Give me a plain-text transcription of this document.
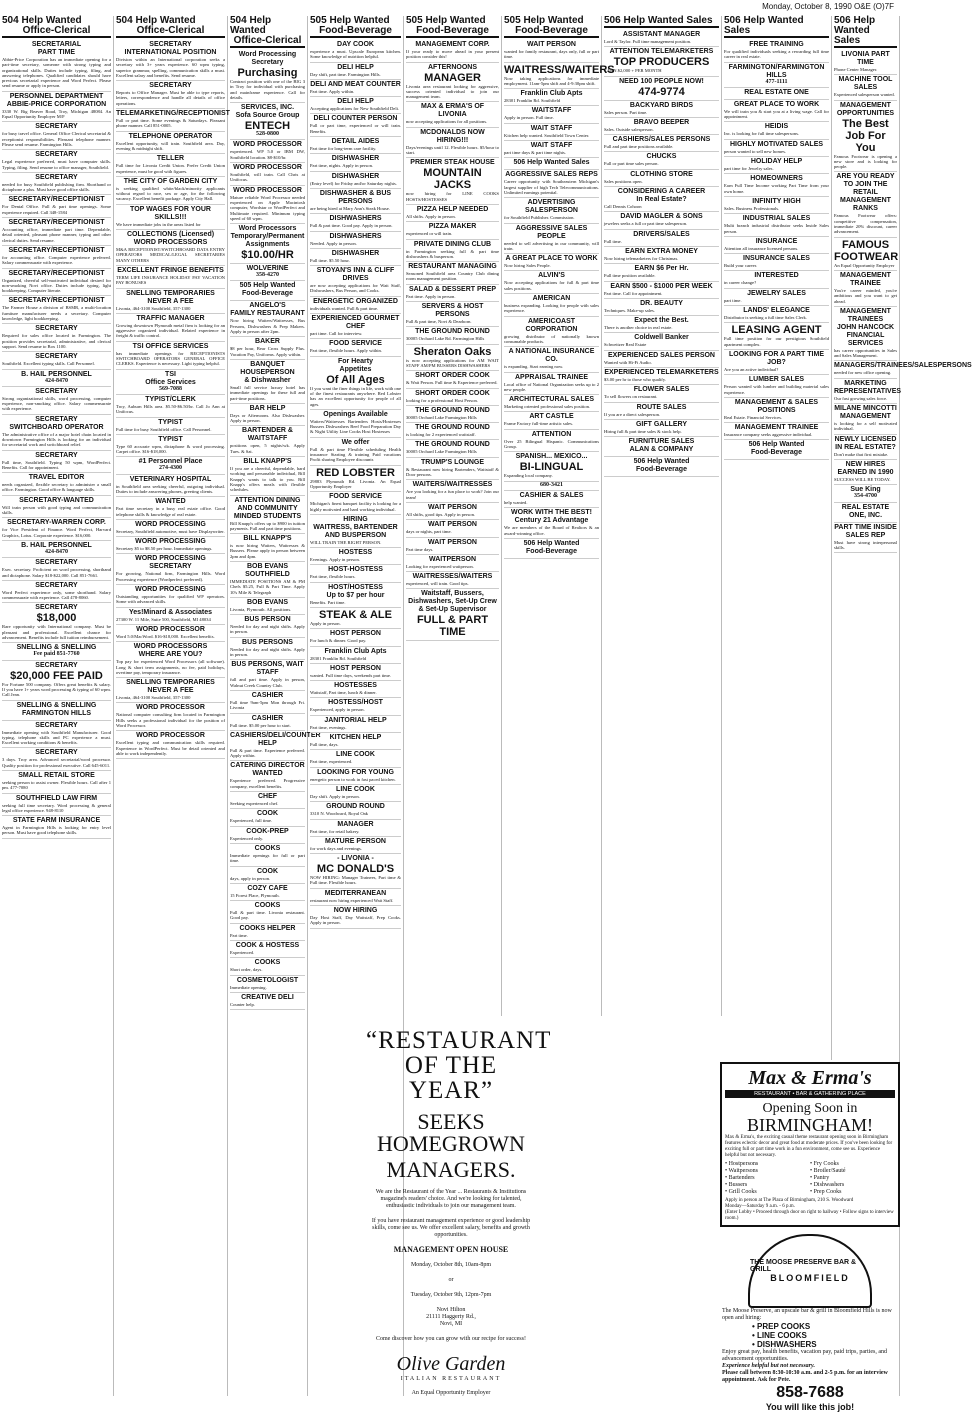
Monday, October 8, 1990 O&E (O)7F
504 Help Wanted
Office-Clerical
SECRETARIAL
PART TIME
Abbie-Price Corporation has an immediate opening for a part-time secretary, someone with strong typing and organizational skills. Duties include typing, filing, and answering telephones. Qualified candidates should have previous secretarial experience and Word Perfect. Please send resume or apply in person.
PERSONNEL DEPARTMENT
ABBIE-PRICE CORPORATION
3330 W. Big Beaver Road, Troy, Michigan 48084. An Equal Opportunity Employer M/F
SECRETARY
for busy travel office. General Office Clerical secretarial & receptionist responsibilities. Pleasant telephone manner. Please send resume. Farmington Hills.
SECRETARY
Legal experience preferred, must have computer skills. Typing, filing. Send resume to office manager, Southfield.
SECRETARY
needed for busy Southfield publishing firm. Shorthand or dictaphone a plus. Must have good office skills.
SECRETARY/RECEPTIONIST
For Dental Office. Full & part time openings. Some experience required. Call 348-1584
SECRETARY/RECEPTIONIST
Accounting office, immediate part time. Dependable, detail oriented, pleasant phone manner, typing and other clerical duties. Send resume.
SECRETARY/RECEPTIONIST
for accounting office. Computer experience preferred. Salary commensurate with experience.
SECRETARY/RECEPTIONIST
Organized, cheerful self-motivated individual desired for non-smoking Novi office. Duties include typing, light bookkeeping. Computer literate.
SECRETARY/RECEPTIONIST
The Farmer House a division of BSMR, a multi-location furniture manufacturer needs a secretary. Computer knowledge, light bookkeeping.
SECRETARY
Required for sales office located in Farmington. The position provides secretarial, administrative, and clerical support. Send resume to Box 1100.
SECRETARY
Southfield. Excellent typing skills. Call Personnel.
B. HAIL PERSONNEL
424-8470
SECRETARY
Strong organizational skills, word processing, computer experience, non-smoking office. Salary commensurate with experience.
SECRETARY
SWITCHBOARD OPERATOR
The administrative office of a major hotel chain located in downtown Farmington Hills is looking for an individual for secretarial work and switchboard relief.
SECRETARY
Full time, Southfield. Typing 50 wpm, WordPerfect. Benefits. Call for appointment.
TRAVEL EDITOR
needs organized, flexible secretary to administer a small office. Farmington. Good office & language skills.
SECRETARY-WANTED
Will train person with good typing and communication skills.
SECRETARY-WARREN CORP.
for Vice President of Finance. Word Perfect, Harvard Graphics, Lotus. Corporate experience. $16,000.
B. HAIL PERSONNEL
424-8470
SECRETARY
Exec. secretary. Proficient on word processing, shorthand and dictaphone. Salary $18-$22,000. Call 851-7661.
SECRETARY
Word Perfect experience only, some shorthand. Salary commensurate with experience. Call 478-8060.
SECRETARY
$18,000
Rare opportunity with International company. Must be pleasant and professional. Excellent chance for advancement. Benefits include full tuition reimbursement.
SNELLING & SNELLING
Fee paid 851-7760
SECRETARY
$20,000 FEE PAID
For Fortune 500 company. Offers great benefits & salary. If you have 1+ years word processing & typing of 60 wpm. Call Jean.
SNELLING & SNELLING
FARMINGTON HILLS
SECRETARY
Immediate opening with Southfield Manufacturer. Good typing, telephone skills and PC experience a must. Excellent working conditions & benefits.
SECRETARY
3 days. Troy area. Advanced secretarial/word processor. Quality position for professional executive. Call 645-6011.
SMALL RETAIL STORE
seeking person to assist owner. Flexible hours. Call after 1 pm. 477-7080
SOUTHFIELD LAW FIRM
seeking full time secretary. Word processing & general legal office experience. 948-8110
STATE FARM INSURANCE
Agent in Farmington Hills is looking for entry level person. Must have good telephone skills.
504 Help Wanted
Office-Clerical
SECRETARY
INTERNATIONAL POSITION
Division within an International corporation seeks a secretary with 3+ years experience. 60 wpm typing, superior grammar, spelling, communication skills a must. Excellent salary and benefits. Send resume.
SECRETARY
Reports to Office Manager. Must be able to type reports, letters, correspondence and handle all details of office operations.
TELEMARKETING/RECEPTIONIST
Full or part time. Some evenings & Saturdays. Pleasant phone manner. Call 851-0005.
TELEPHONE OPERATOR
Excellent opportunity, will train. Southfield area. Day, evening & midnight shift.
TELLER
Full time for Livonia Credit Union. Prefer Credit Union experience, must be good with figures.
THE CITY OF GARDEN CITY
is seeking qualified white/black/minority applicants without regard to race, sex or age, for the following vacancy. Excellent benefit package. Apply City Hall.
TOP WAGES FOR YOUR SKILLS!!!
We have immediate jobs in the areas listed for
COLLECTIONS (Licensed)
WORD PROCESSORS
M&A RECEPTIONIST/SWITCHBOARD DATA ENTRY OPERATORS MEDICAL/LEGAL SECRETARIES MANY OTHERS
EXCELLENT FRINGE BENEFITS
TERM LIFE INSURANCE HOLIDAY PAY VACATION PAY BONUSES
SNELLING TEMPORARIES
NEVER A FEE
Livonia, 464-3100 Southfield, 357-1300
TRAFFIC MANAGER
Growing downtown Plymouth metal firm is looking for an aggressive organized individual. Related experience in freight & traffic control.
TSI OFFICE SERVICES
has immediate openings for RECEPTIONISTS SWITCHBOARD OPERATORS GENERAL OFFICE CLERKS. Experience is necessary. Light typing helpful.
TSI
Office Services
569-7088
TYPIST/CLERK
Troy, Auburn Hills area. $5.50-$6.50/hr. Call Jo Ann at Unifocus.
TYPIST
Full time for busy Southfield office. Call Personnel.
TYPIST
Type 60 accurate wpm, dictaphone & word processing. Carpet office. $16-$18,000.
#1 Personnel Place
274-4300
VETERINARY HOSPITAL
in Southfield area seeking cheerful, outgoing individual. Duties to include answering phones, greeting clients.
WANTED
Part time secretary in a busy real estate office. Good telephone skills & knowledge of real estate.
WORD PROCESSING
Secretary, Southfield automotive, must have Displaywriter.
WORD PROCESSING
Secretary $5 to $8.50 per hour. Immediate openings.
WORD PROCESSING SECRETARY
For growing, National firm, Farmington Hills. Word Processing experience (Wordperfect preferred).
WORD PROCESSING
Outstanding opportunities for qualified WP operators. Some with advanced skills.
Yes!Minard & Associates
27300 W. 11 Mile, Suite 500, Southfield, MI 48034
WORD PROCESSOR
Word 5.0/MacWord. $16-$18,000. Excellent benefits.
WORD PROCESSORS
WHERE ARE YOU?
Top pay for experienced Word Processors (all software). Long & short term assignments, no fee, paid holidays, overtime pay, temporary insurance.
SNELLING TEMPORARIES
NEVER A FEE
Livonia, 464-3100 Southfield, 357-1300
WORD PROCESSOR
National computer consulting firm located in Farmington Hills seeks a professional individual for the position of Word Processor.
WORD PROCESSOR
Excellent typing and communication skills required. Experience in WordPerfect. Must be detail oriented and able to work independently.
504 Help Wanted
Office-Clerical
Word Processing
Secretary
Purchasing
Contract position with one of the BIG 3 in Troy for individual with purchasing and mainframe experience. Call for details.
SERVICES, INC.
Sofa Source Group
ENTECH
528-0800
WORD PROCESSOR
experienced. WP 5.0 or IBM DW, Southfield location. $8-$10/hr.
WORD PROCESSOR
Southfield, will train. Call Chris at Unifocus.
WORD PROCESSOR
Mature reliable Word Processor needed experienced on Apple Macintosh computer, Wordstar or WordPerfect and Multimate required. Minimum typing speed of 60 wpm.
Word Processors
Temporary/Permanent Assignments
$10.00/HR
WOLVERINE
358-4270
505 Help Wanted
Food-Beverage
ANGELO'S
FAMILY RESTAURANT
Now hiring Waiters/Waitresses, Bus Persons, Dishwashers & Prep Makers. Apply in person after 2pm.
BAKER
$8 per hour, Bear Cross Supply Plus. Vacation Pay, Uniforms. Apply within.
BANQUET HOUSEPERSON
& Dishwasher
Small full service luxury hotel has immediate openings for these full and part-time positions.
BAR HELP
Days or Afternoons. Also Dishwasher. Apply in person.
BARTENDER & WAITSTAFF
positions open, 5 nights/wk. Apply Tues. & Sat.
BILL KNAPP'S
If you are a cheerful, dependable, hard working and personable individual, Bill Knapp's wants to talk to you. Bill Knapp's offers meals with flexible schedules.
ATTENTION DINING AND COMMUNITY MINDED STUDENTS
Bill Knapp's offers up to $900 in tuition payments. Full and part time positions.
BILL KNAPP'S
is now hiring Waiters, Waitresses & Bussers. Please apply in person between 2pm and 4pm.
BOB EVANS SOUTHFIELD
IMMEDIATE POSITIONS AM & PM Chefs $5.25, Full & Part Time. Apply 10's Mile & Telegraph
BOB EVANS
Livonia, Plymouth. All positions.
BUS PERSON
Needed for day and night shifts. Apply in person.
BUS PERSONS
Needed for day and night shifts. Apply in person.
BUS PERSONS, WAIT STAFF
full and part time. Apply in person, Walnut Creek Country Club.
CASHIER
Full time 9am-5pm Mon through Fri. Livonia
CASHIER
Full time. $5.00 per hour to start.
CASHIERS/DELI/COUNTER HELP
Full & part time. Experience preferred. Apply within.
CATERING DIRECTOR WANTED
Experience preferred. Progressive company, excellent benefits.
CHEF
Seeking experienced chef.
COOK
Experienced, full time.
COOK-PREP
Experienced only.
COOKS
Immediate openings for full or part time.
COOK
days, apply in person.
COZY CAFE
15 Forest Place, Plymouth.
COOKS
Full & part time. Livonia restaurant. Good pay.
COOKS HELPER
Part time.
COOK & HOSTESS
Experienced.
COOKS
Short order, days.
COSMETOLOGIST
Immediate opening.
CREATIVE DELI
Counter help.
505 Help Wanted
Food-Beverage
DAY COOK
experience a must. Upscale European kitchen. Some knowledge of nutrition helpful.
DELI HELP
Day shift, part time. Farmington Hills.
DELI AND MEAT COUNTER
Part time. Apply within.
DELI HELP
Accepting applications for New Southfield Deli.
DELI COUNTER PERSON
Full or part time, experienced or will train. Benefits.
DETAIL AIDES
Part time for long-term care facility.
DISHWASHER
Part time, nights. Apply in person.
DISHWASHER
(Entry level) for Friday and/or Saturday nights.
DISHWASHER & BUS PERSONS
are being hired at Mary Ann's Steak House.
DISHWASHERS
Full & part time. Good pay. Apply in person.
DISHWASHERS
Needed. Apply in person.
DISHWASHER
Full time. $5.50 hour.
STOYAN'S INN & CLIFF DRIVES
are now accepting applications for Wait Staff, Dishwashers, Bus Person, and Cooks.
ENERGETIC ORGANIZED
individuals wanted. Full & part time.
EXPERIENCED GOURMET CHEF
part time. Call for interview.
FOOD SERVICE
Part time, flexible hours. Apply within.
For Hearty
Appetites
Of All Ages
If you want the finer things in life, work with one of the finest restaurants anywhere. Red Lobster has an excellent opportunity for people of all ages.
Openings Available
Waiters/Waitresses Bartenders Hosts/Hostesses Bussers Dishwashers Beef Food Preparation Day & Night Utility Line Cooks Host Hostesses
We offer
Full & part time Flexible scheduling Health insurance Starting & training Paid vacations Profit sharing Employee discounts
RED LOBSTER
29883 Plymouth Rd. Livonia. An Equal Opportunity Employer
FOOD SERVICE
Michigan's finest banquet facility is looking for a highly motivated and hard working individual.
HIRING
WAITRESS, BARTENDER AND BUSPERSON
WILL TRAIN THE RIGHT PERSON.
HOSTESS
Evenings. Apply in person.
HOST-HOSTESS
Part time, flexible hours.
HOST/HOSTESS
Up to $7 per hour
Benefits. Part time.
STEAK & ALE
Apply in person.
HOST PERSON
For lunch & dinner. Good pay.
Franklin Club Apts
28301 Franklin Rd. Southfield
HOST PERSON
wanted. Full time days, weekends part time.
HOSTESSES
Waitstaff, Part time, lunch & dinner.
HOSTESS/HOST
Experienced, apply in person.
JANITORIAL HELP
Part time, evenings.
KITCHEN HELP
Full time, days.
LINE COOK
Part time, experienced.
LOOKING FOR YOUNG
energetic person to work in fast paced kitchen.
LINE COOK
Day shift. Apply in person.
GROUND ROUND
3310 N. Woodward, Royal Oak
MANAGER
Part time, for retail bakery.
MATURE PERSON
for work days and evenings.
- LIVONIA -
MC DONALD'S
NOW HIRING: Manager Trainees, Part time & Full time. Flexible hours.
MEDITERRANEAN
restaurant now hiring experienced Wait Staff.
NOW HIRING
Day Host Staff, Day Waitstaff, Prep Cooks. Apply in person.
505 Help Wanted
Food-Beverage
MANAGEMENT CORP.
If your ready to move ahead in your present position consider this!
AFTERNOONS
MANAGER
Livonia area restaurant looking for aggressive, success oriented individual to join our management team.
MAX & ERMA'S OF LIVONIA
now accepting applications for all positions.
MCDONALDS NOW HIRING!!!
Days/evenings until 12. Flexible hours. $5/hour to start.
PREMIER STEAK HOUSE
MOUNTAIN JACKS
now hiring for LINE COOKS HOSTS/HOSTESSES
PIZZA HELP NEEDED
All shifts. Apply in person.
PIZZA MAKER
experienced or will train.
PRIVATE DINING CLUB
in Farmington seeking full & part time dishwashers & busperson.
RESTAURANT MANAGING
Seasoned Southfield area Country Club dining room management position.
SALAD & DESSERT PREP
Part time. Apply in person.
SERVERS & HOST PERSONS
Full & part time, Novi & Dearborn.
THE GROUND ROUND
30005 Orchard Lake Rd. Farmington Hills
Sheraton Oaks
is now accepting applications for AM WAIT STAFF AM/PM BUSSERS DISHWASHERS
SHORT ORDER COOK
& Wait Person. Full time & Experience preferred.
SHORT ORDER COOK
looking for a professional Host Person.
THE GROUND ROUND
30005 Orchard Lake Farmington Hills
THE GROUND ROUND
is looking for 2 experienced waitstaff.
THE GROUND ROUND
30005 Orchard Lake Farmington Hills
TRUMP'S LOUNGE
& Restaurant now hiring Bartenders, Waitstaff & Door persons.
WAITERS/WAITRESSES
Are you looking for a fun place to work? Join our team!
WAIT PERSON
All shifts, good tips. Apply in person.
WAIT PERSON
days or nights, part time.
WAIT PERSON
Part time days.
WAITPERSON
Looking for experienced waitperson.
WAITRESSES/WAITERS
experienced, will train. Good tips.
Waitstaff, Bussers, Dishwashers, Set-Up Crew & Set-Up Supervisor
FULL & PART TIME
505 Help Wanted
Food-Beverage
WAIT PERSON
wanted for family restaurant, days only, full or part time.
WAITRESS/WAITERS
Now taking applications for immediate employment. 11am-5pm shift and 4-9:30pm shift.
Franklin Club Apts
28301 Franklin Rd. Southfield
WAITSTAFF
Apply in person. Full time.
WAIT STAFF
Kitchen help wanted. Southfield Town Center.
WAIT STAFF
part time days & part time nights.
506 Help Wanted Sales
AGGRESSIVE SALES REPS
Career opportunity with Southeastern Michigan's largest supplier of high Tech Telecommunications. Unlimited earnings potential.
ADVERTISING SALESPERSON
for Southfield Publisher. Commission.
AGGRESSIVE SALES PEOPLE
needed to sell advertising in our community, will train.
A GREAT PLACE TO WORK
Now hiring Sales People.
ALVIN'S
Now accepting applications for full & part time sales positions.
AMERICAN
business expanding. Looking for people with sales experience.
AMERICOAST CORPORATION
growing distributor of nationally known consumable products.
A NATIONAL INSURANCE CO.
is expanding. Start earning now.
APPRAISAL TRAINEE
Local office of National Organization seeks up to 2 new people.
ARCHITECTURAL SALES
Marketing oriented professional sales position.
ART CASTLE
Frame Factory full-time artistic sales.
ATTENTION
Over 25 Bilingual Hispanic. Communications Group.
SPANISH... MEXICO...
BI-LINGUAL
Expanding local company.
680-3421
CASHIER & SALES
help wanted.
WORK WITH THE BEST!
Century 21 Advantage
We are members of the Board of Realtors & an award-winning office.
506 Help Wanted
Food-Beverage
506 Help Wanted Sales
ASSISTANT MANAGER
Lord & Taylor. Full time management position.
ATTENTION TELEMARKETERS
TOP PRODUCERS
EARN $2,000 + PER MONTH
NEED 100 PEOPLE NOW!
474-9774
BACKYARD BIRDS
Sales person. Part time.
BRAVO BEEPER
Sales. Outside salesperson.
CASHIERS/SALES PERSONS
Full and part time positions available.
CHUCKS
Full or part time sales person.
CLOTHING STORE
Sales positions open.
CONSIDERING A CAREER
In Real Estate?
Call Dennis Cohoon
DAVID MAGLER & SONS
jewelers seeks a full or part time salesperson.
DRIVERS/SALES
Full time.
EARN EXTRA MONEY
Now hiring telemarketers for Christmas.
EARN $6 Per Hr.
Full time position available.
EARN $500 - $1000 PER WEEK
Part time. Call for appointment.
DR. BEAUTY
Techniques. Make-up sales.
Expect the Best.
There is another choice in real estate.
Coldwell Banker
Schweitzer Real Estate
EXPERIENCED SALES PERSON
Wanted with Hi-Fi Audio.
EXPERIENCED TELEMARKETERS
$3.00 per hr to those who qualify.
FLOWER SALES
To sell flowers on restaurant.
ROUTE SALES
If you are a direct salesperson.
GIFT GALLERY
Hiring full & part time sales & stock help.
FURNITURE SALES
ALAN & COMPANY
506 Help Wanted
Food-Beverage
506 Help Wanted Sales
FREE TRAINING
For qualified individuals seeking a rewarding full time career in real estate.
FARMINGTON/FARMINGTON HILLS
477-1111
REAL ESTATE ONE
GREAT PLACE TO WORK
We will train you & start you at a living wage. Call for appointment.
HEIDIS
Inc. is looking for full time salespersons.
HIGHLY MOTIVATED SALES
person wanted to sell new homes.
HOLIDAY HELP
part time for Jewelry sales.
HOMEOWNERS
Earn Full Time Income working Part Time from your own home.
INFINITY HIGH
Sales. Business Professionals.
INDUSTRIAL SALES
Multi branch industrial distributor seeks Inside Sales person.
INSURANCE
Attention all insurance licensed persons.
INSURANCE SALES
Build your career.
INTERESTED
in career change?
JEWELRY SALES
part time.
LANDS' ELEGANCE
Distributor is seeking a full time Sales Clerk.
LEASING AGENT
Full time position for our prestigious Southfield apartment complex.
LOOKING FOR A PART TIME JOB?
Are you an active individual?
LUMBER SALES
Person wanted with lumber and building material sales experience.
MANAGEMENT & SALES
POSITIONS
Real Estate. Financial Services.
MANAGEMENT TRAINEE
Insurance company seeks aggressive individual.
506 Help Wanted
Food-Beverage
506 Help Wanted Sales
LIVONIA PART TIME
Phone Center Manager.
MACHINE TOOL SALES
Experienced salesperson wanted.
MANAGEMENT
OPPORTUNITIES
The Best Job For You
Famous Footwear is opening a new store and is looking for people.
ARE YOU READY TO JOIN THE RETAIL MANAGEMENT RANKS
Famous Footwear offers: competitive compensation, immediate 20% discount, career advancement.
FAMOUS FOOTWEAR
An Equal Opportunity Employer
MANAGEMENT TRAINEE
You're career minded, you're ambitious and you want to get ahead.
MANAGEMENT TRAINEES
JOHN HANCOCK FINANCIAL SERVICES
has career opportunities in Sales and Sales Management.
MANAGERS/TRAINEES/SALESPERSONS
needed for new office opening.
MARKETING REPRESENTATIVES
Our fast growing sales force.
MILANE MINCOTTI MANAGEMENT
is looking for a self motivated individual.
NEWLY LICENSED
IN REAL ESTATE?
Don't make that first mistake.
NEW HIRES EARNED IN 1990
SUCCESS WILL BE TODAY.
Sue King
354-4700
REAL ESTATE ONE, INC.
PART TIME INSIDE SALES REP
Must have strong interpersonal skills.
“RESTAURANT OF THE YEAR”
SEEKS HOMEGROWN
MANAGERS.
We are the Restaurant of the Year ... Restaurants & Institutions magazine's readers' choice. And we're looking for talented, enthusiastic individuals to join our management team.
If you have restaurant management experience or good leadership skills, come see us. We offer excellent salary, benefits and growth opportunities.
MANAGEMENT OPEN HOUSE
Monday, October 8th, 10am-8pm
or
Tuesday, October 9th, 12pm-7pm
Novi Hilton
21111 Haggerty Rd.,
Novi, MI
Come discover how you can grow with our recipe for success!
Olive Garden
ITALIAN RESTAURANT
An Equal Opportunity Employer
Max & Erma's
RESTAURANT • BAR & GATHERING PLACE
Opening Soon in
BIRMINGHAM!
Max & Erma's, the exciting casual theme restaurant opening soon in Birmingham features eclectic decor and great food at moderate prices. If you've been looking for exciting full or part time work in a fun environment, come see us. Experience helpful but not necessary.
• Hostpersons	• Fry Cooks
• Waitpersons	• Broiler/Sauté
• Bartenders	• Pantry
• Bussers	• Dishwashers
• Grill Cooks	• Prep Cooks
Apply in person at The Plaza of Birmingham, 210 S. Woodward
Monday—Saturday 9 a.m. - 6 p.m.
(Enter Lobby • Proceed through door on right to hallway • Follow signs to interview room.)
THE MOOSE PRESERVE BAR & GRILL
BLOOMFIELD
The Moose Preserve, an upscale bar & grill in Bloomfield Hills is now open and hiring:
• PREP COOKS
• LINE COOKS
• DISHWASHERS
Enjoy great pay, health benefits, vacation pay, paid trips, parties, and advancement opportunities.
Experience helpful but not necessary.
Please call between 8:30-10:30 a.m. and 2-5 p.m. for an interview appointment. Ask for Pete.
858-7688
You will like this job!
